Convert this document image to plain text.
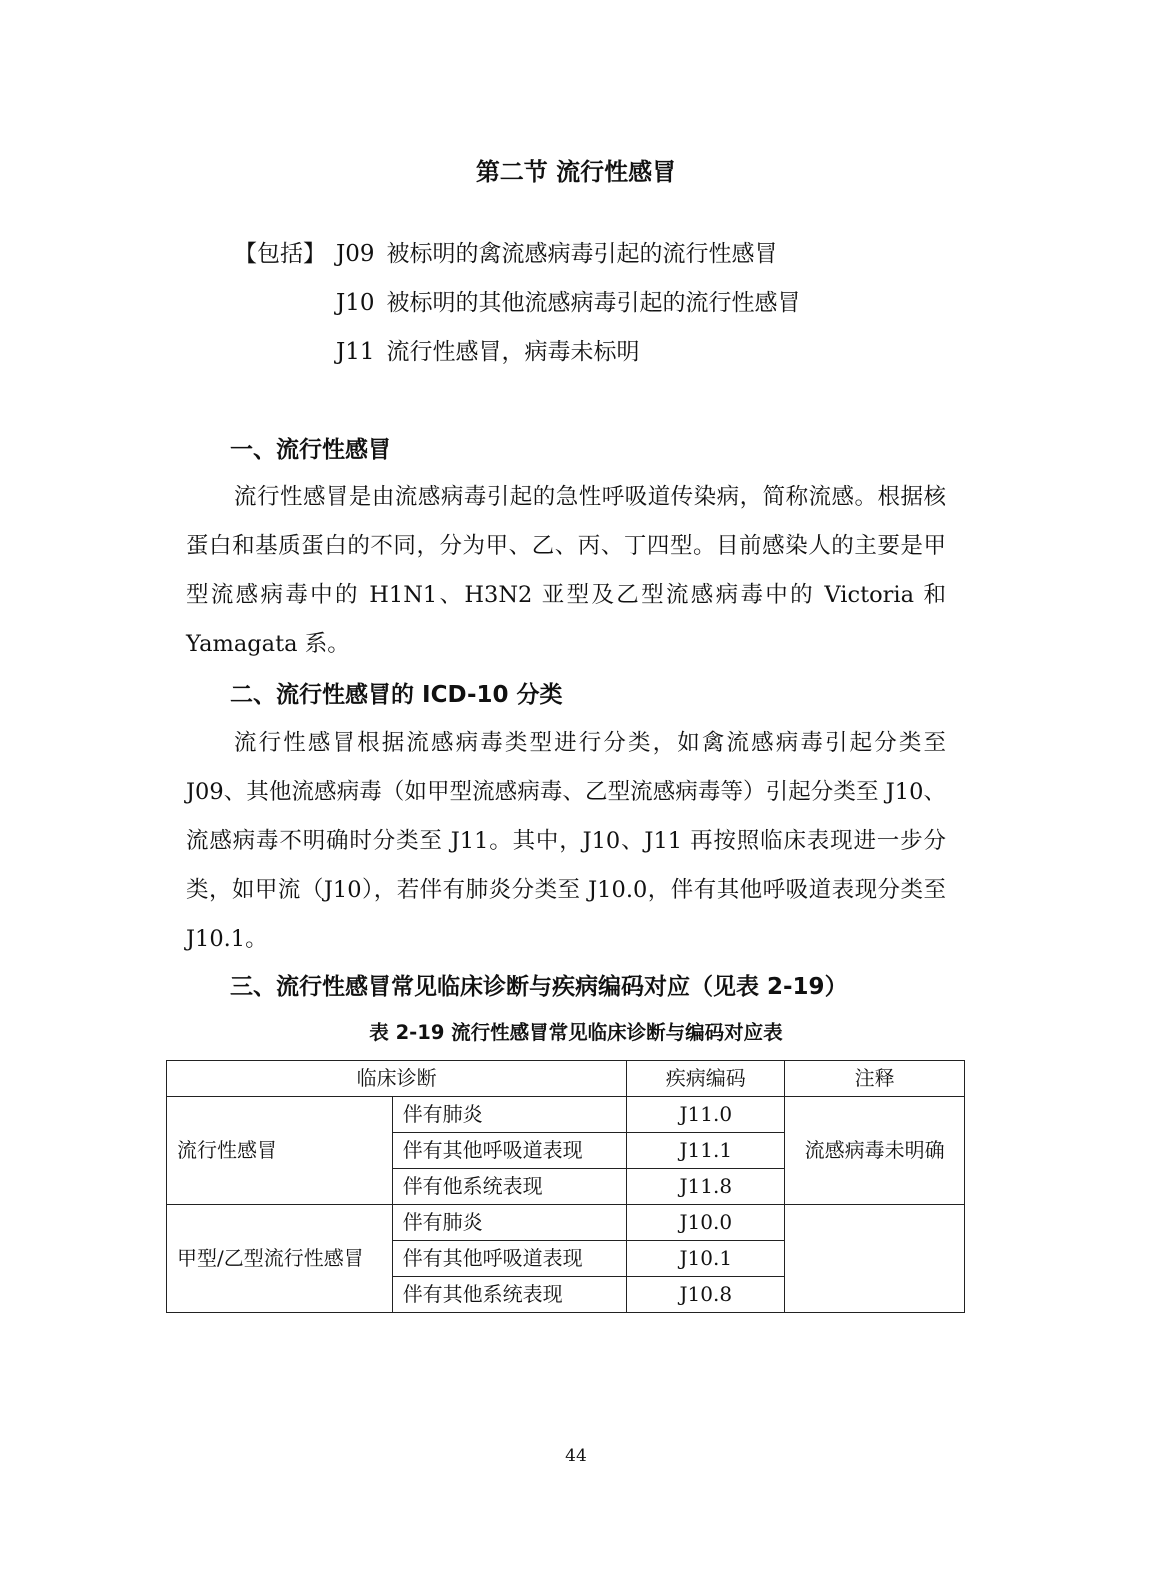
第二节 流行性感冒
【包括】 J09 被标明的禽流感病毒引起的流行性感冒
J10 被标明的其他流感病毒引起的流行性感冒
J11 流行性感冒，病毒未标明
一、流行性感冒

流行性感冒是由流感病毒引起的急性呼吸道传染病，简称流感。根据核蛋白和基质蛋白的不同，分为甲、乙、丙、丁四型。目前感染人的主要是甲型流感病毒中的 H1N1、H3N2 亚型及乙型流感病毒中的 Victoria 和 Yamagata 系。

二、流行性感冒的 ICD-10 分类

流行性感冒根据流感病毒类型进行分类，如禽流感病毒引起分类至 J09、其他流感病毒（如甲型流感病毒、乙型流感病毒等）引起分类至 J10、流感病毒不明确时分类至 J11。其中，J10、J11 再按照临床表现进一步分类，如甲流（J10），若伴有肺炎分类至 J10.0，伴有其他呼吸道表现分类至 J10.1。

三、流行性感冒常见临床诊断与疾病编码对应（见表 2-19）
表 2-19 流行性感冒常见临床诊断与编码对应表
临床诊断		疾病编码	注释
流行性感冒	伴有肺炎	J11.0	流感病毒未明确
	伴有其他呼吸道表现	J11.1	
	伴有他系统表现	J11.8	
甲型/乙型流行性感冒	伴有肺炎	J10.0	
	伴有其他呼吸道表现	J10.1	
	伴有其他系统表现	J10.8	
44
